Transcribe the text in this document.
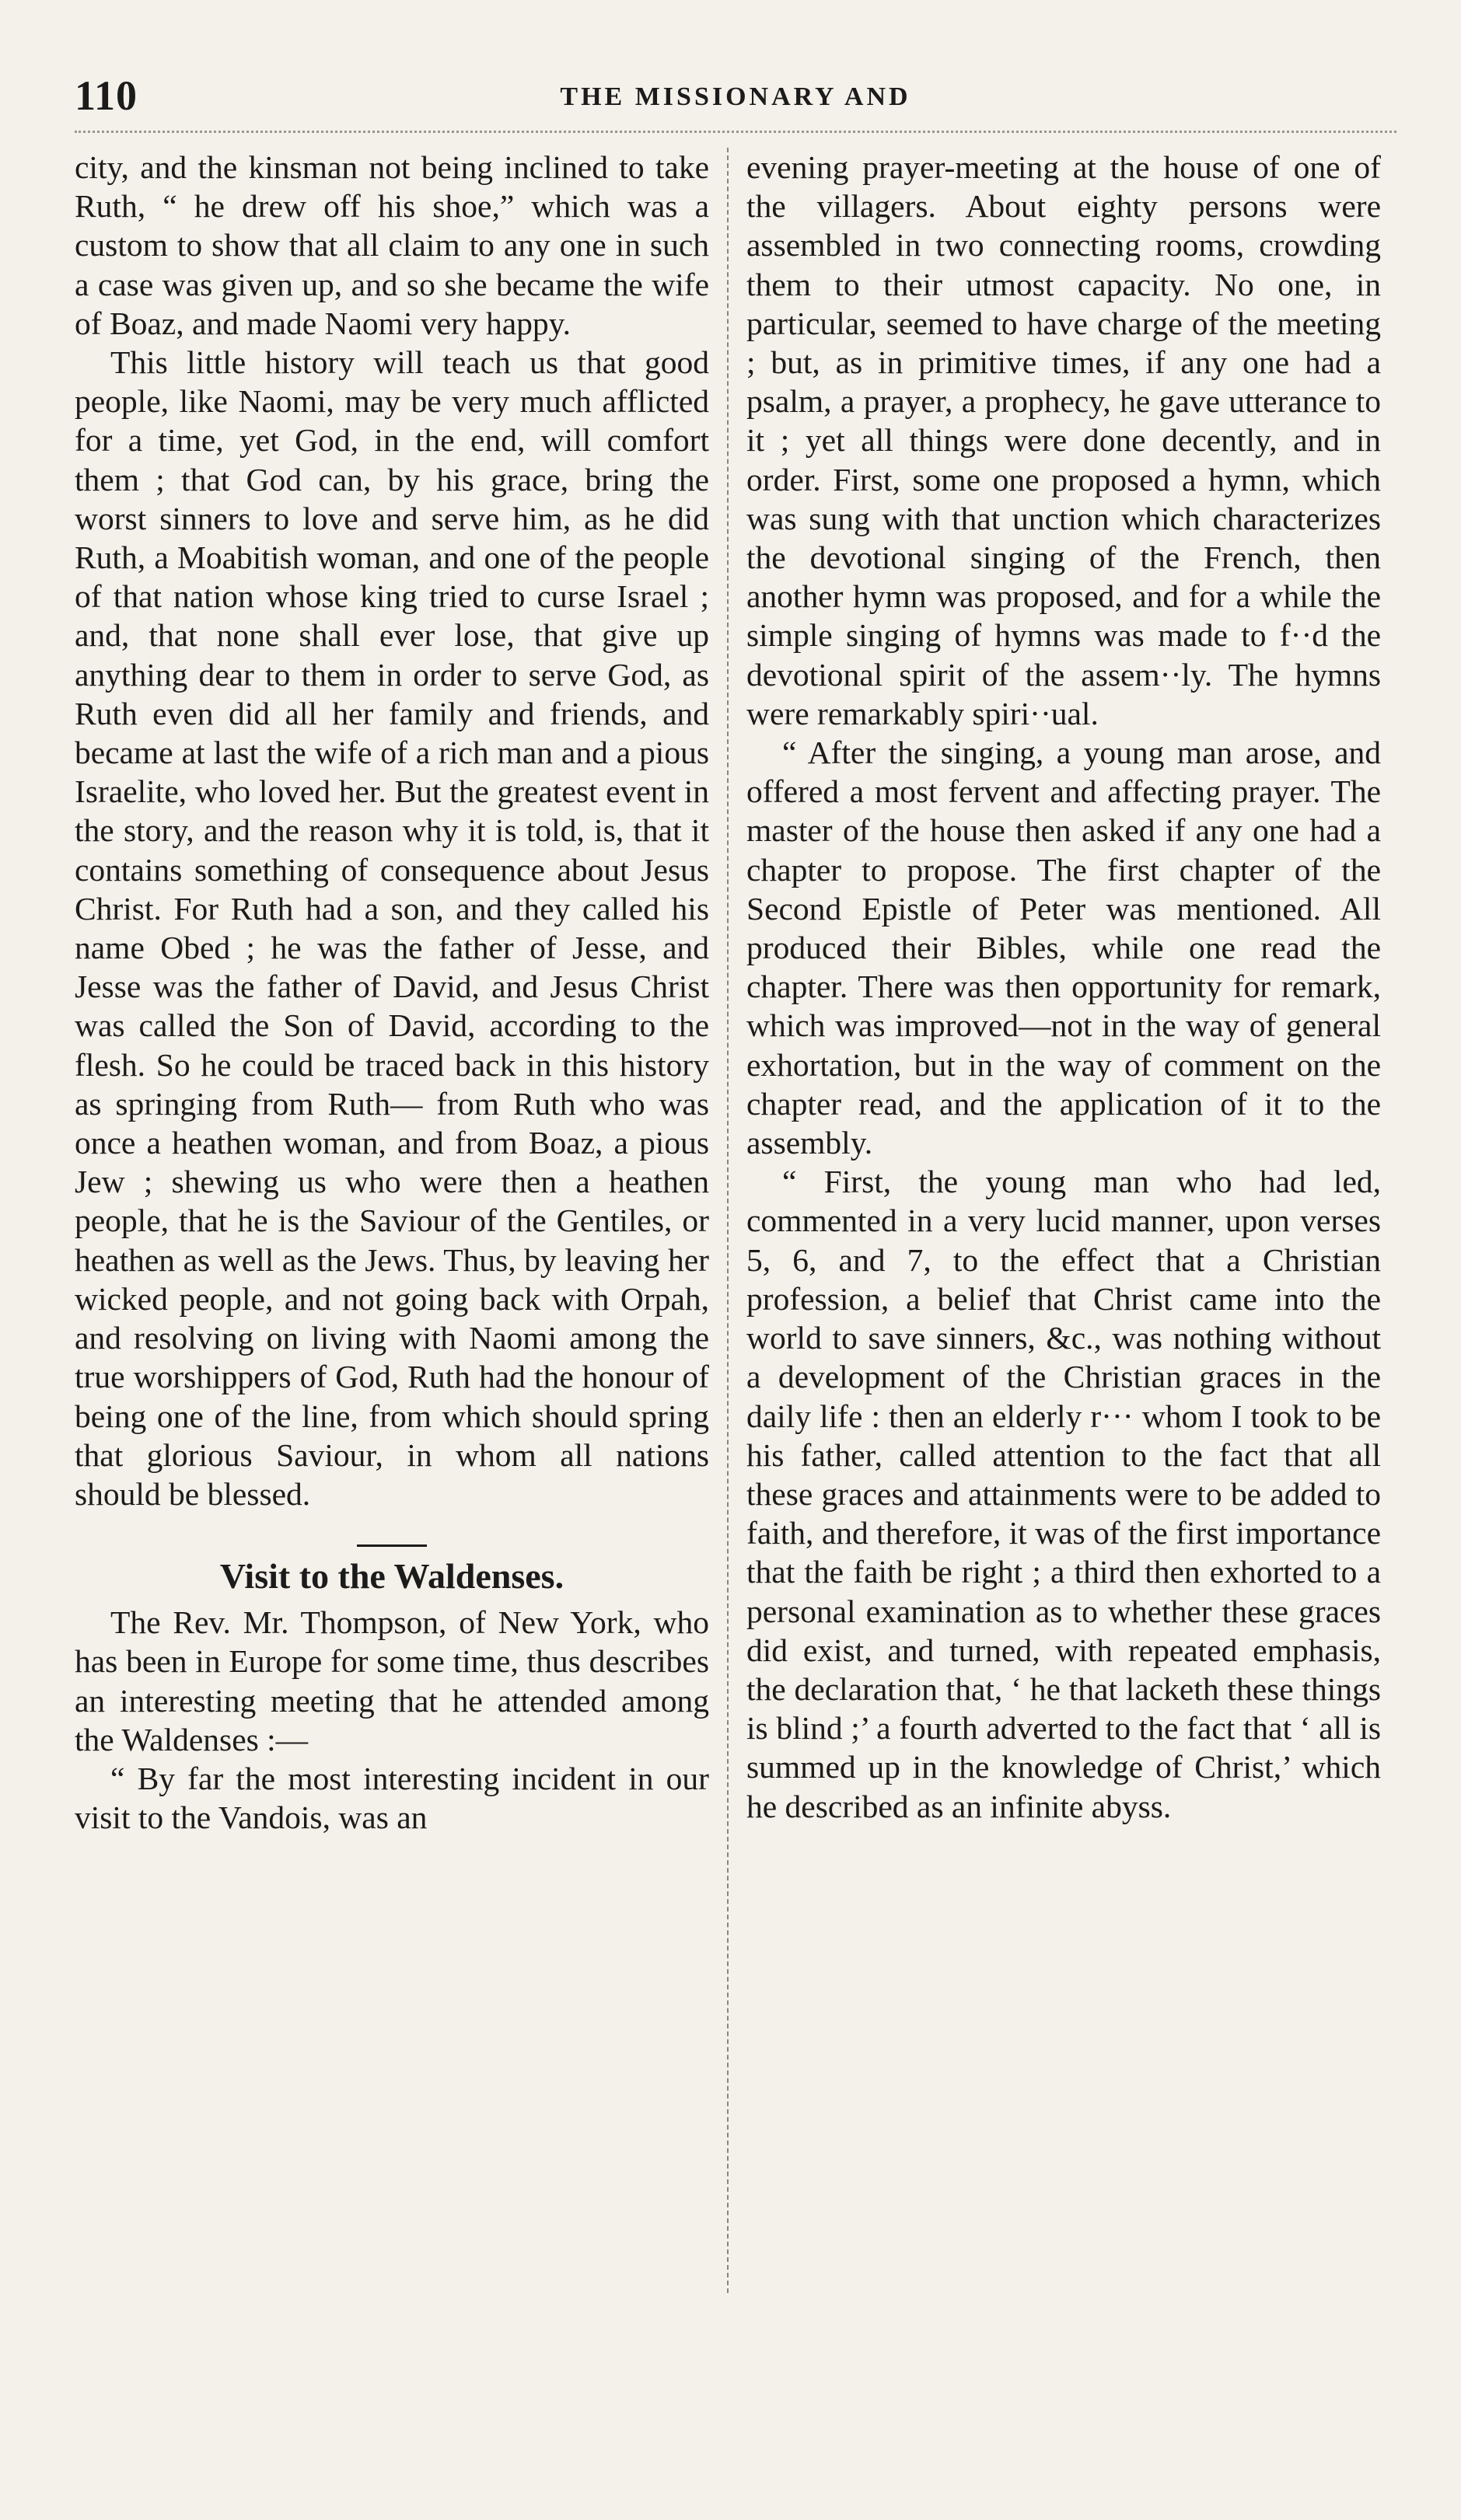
110	THE MISSIONARY AND

city, and the kinsman not being inclined to take Ruth, “ he drew off his shoe,” which was a custom to show that all claim to any one in such a case was given up, and so she became the wife of Boaz, and made Naomi very happy.

This little history will teach us that good people, like Naomi, may be very much afflicted for a time, yet God, in the end, will comfort them ; that God can, by his grace, bring the worst sinners to love and serve him, as he did Ruth, a Moabitish woman, and one of the people of that nation whose king tried to curse Israel ; and, that none shall ever lose, that give up anything dear to them in order to serve God, as Ruth even did all her family and friends, and became at last the wife of a rich man and a pious Israelite, who loved her. But the greatest event in the story, and the reason why it is told, is, that it contains something of consequence about Jesus Christ. For Ruth had a son, and they called his name Obed ; he was the father of Jesse, and Jesse was the father of David, and Jesus Christ was called the Son of David, according to the flesh. So he could be traced back in this history as springing from Ruth— from Ruth who was once a heathen woman, and from Boaz, a pious Jew ; shewing us who were then a heathen people, that he is the Saviour of the Gentiles, or heathen as well as the Jews. Thus, by leaving her wicked people, and not going back with Orpah, and resolving on living with Naomi among the true worshippers of God, Ruth had the honour of being one of the line, from which should spring that glorious Saviour, in whom all nations should be blessed.

Visit to the Waldenses.

The Rev. Mr. Thompson, of New York, who has been in Europe for some time, thus describes an interesting meeting that he attended among the Waldenses :—

“ By far the most interesting incident in our visit to the Vandois, was an

evening prayer-meeting at the house of one of the villagers. About eighty persons were assembled in two connecting rooms, crowding them to their utmost capacity. No one, in particular, seemed to have charge of the meeting ; but, as in primitive times, if any one had a psalm, a prayer, a prophecy, he gave utterance to it ; yet all things were done decently, and in order. First, some one proposed a hymn, which was sung with that unction which characterizes the devotional singing of the French, then another hymn was proposed, and for a while the simple singing of hymns was made to f··d the devotional spirit of the assem··ly. The hymns were remarkably spiri··ual.

“ After the singing, a young man arose, and offered a most fervent and affecting prayer. The master of the house then asked if any one had a chapter to propose. The first chapter of the Second Epistle of Peter was mentioned. All produced their Bibles, while one read the chapter. There was then opportunity for remark, which was improved—not in the way of general exhortation, but in the way of comment on the chapter read, and the application of it to the assembly.

“ First, the young man who had led, commented in a very lucid manner, upon verses 5, 6, and 7, to the effect that a Christian profession, a belief that Christ came into the world to save sinners, &c., was nothing without a development of the Christian graces in the daily life : then an elderly r··· whom I took to be his father, called attention to the fact that all these graces and attainments were to be added to faith, and therefore, it was of the first importance that the faith be right ; a third then exhorted to a personal examination as to whether these graces did exist, and turned, with repeated emphasis, the declaration that, ‘ he that lacketh these things is blind ;’ a fourth adverted to the fact that ‘ all is summed up in the knowledge of Christ,’ which he described as an infinite abyss.
